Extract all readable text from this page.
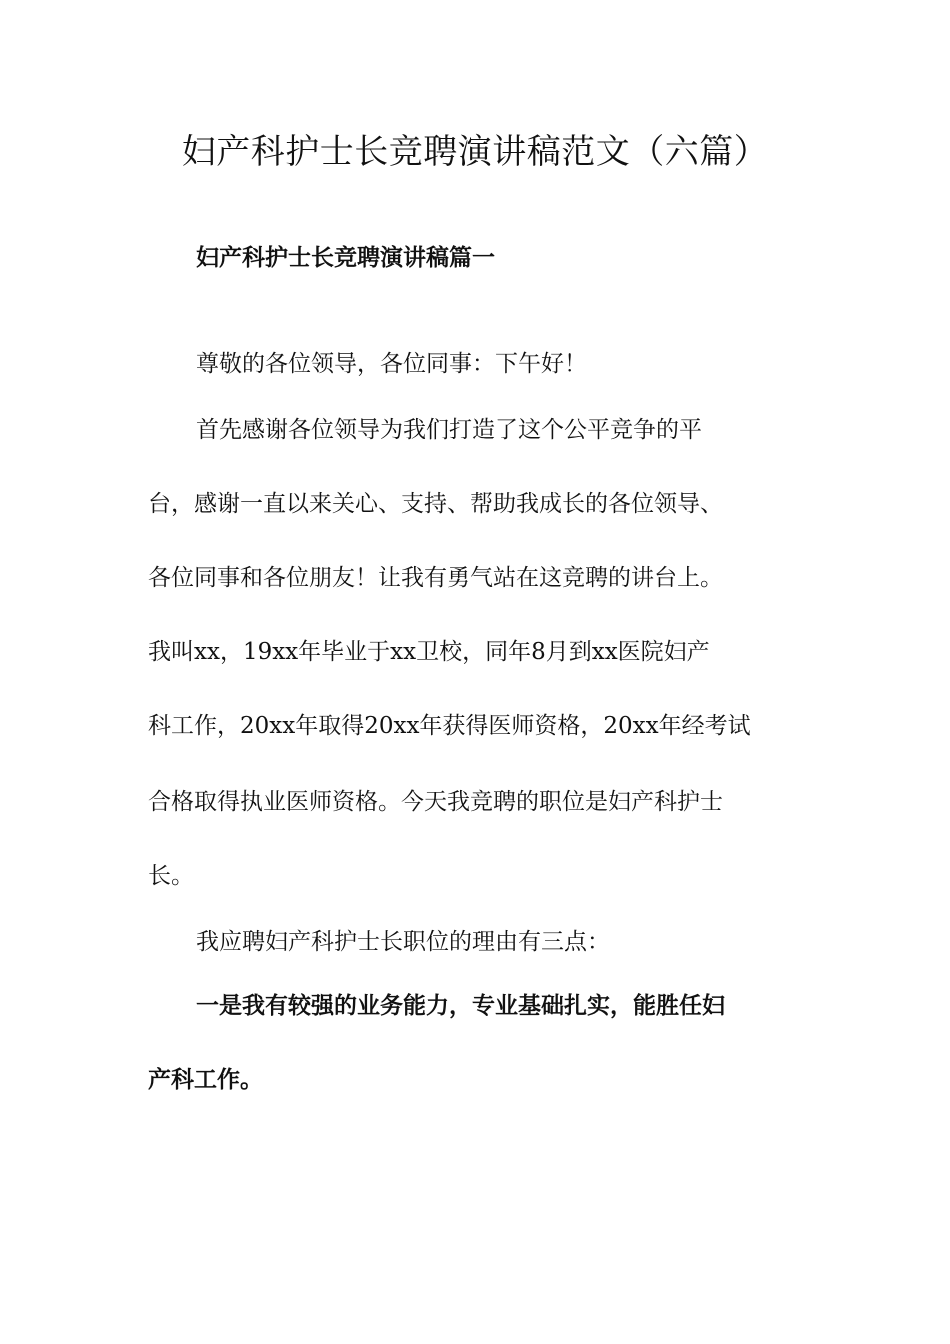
妇产科护士长竞聘演讲稿范文（六篇）
妇产科护士长竞聘演讲稿篇一

尊敬的各位领导，各位同事：下午好！

首先感谢各位领导为我们打造了这个公平竞争的平

台，感谢一直以来关心、支持、帮助我成长的各位领导、

各位同事和各位朋友！让我有勇气站在这竞聘的讲台上。

我叫xx，19xx年毕业于xx卫校，同年8月到xx医院妇产

科工作，20xx年取得20xx年获得医师资格，20xx年经考试

合格取得执业医师资格。今天我竞聘的职位是妇产科护士

长。

我应聘妇产科护士长职位的理由有三点：

一是我有较强的业务能力，专业基础扎实，能胜任妇

产科工作。
